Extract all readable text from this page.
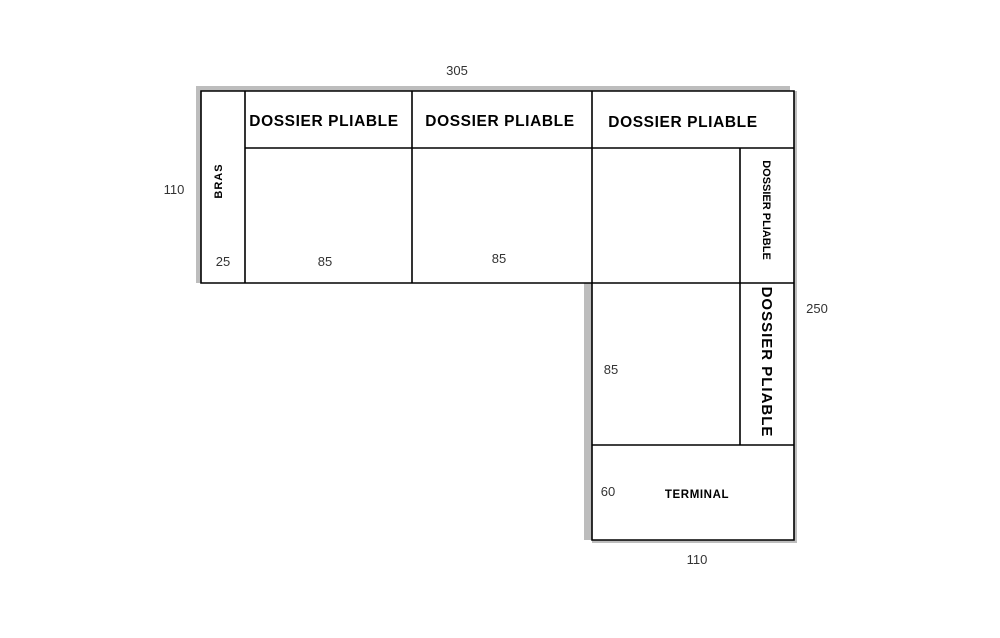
305
110
250
110
BRAS
25
DOSSIER PLIABLE
85
DOSSIER PLIABLE
85
DOSSIER PLIABLE
DOSSIER PLIABLE
DOSSIER PLIABLE
85
TERMINAL
60
